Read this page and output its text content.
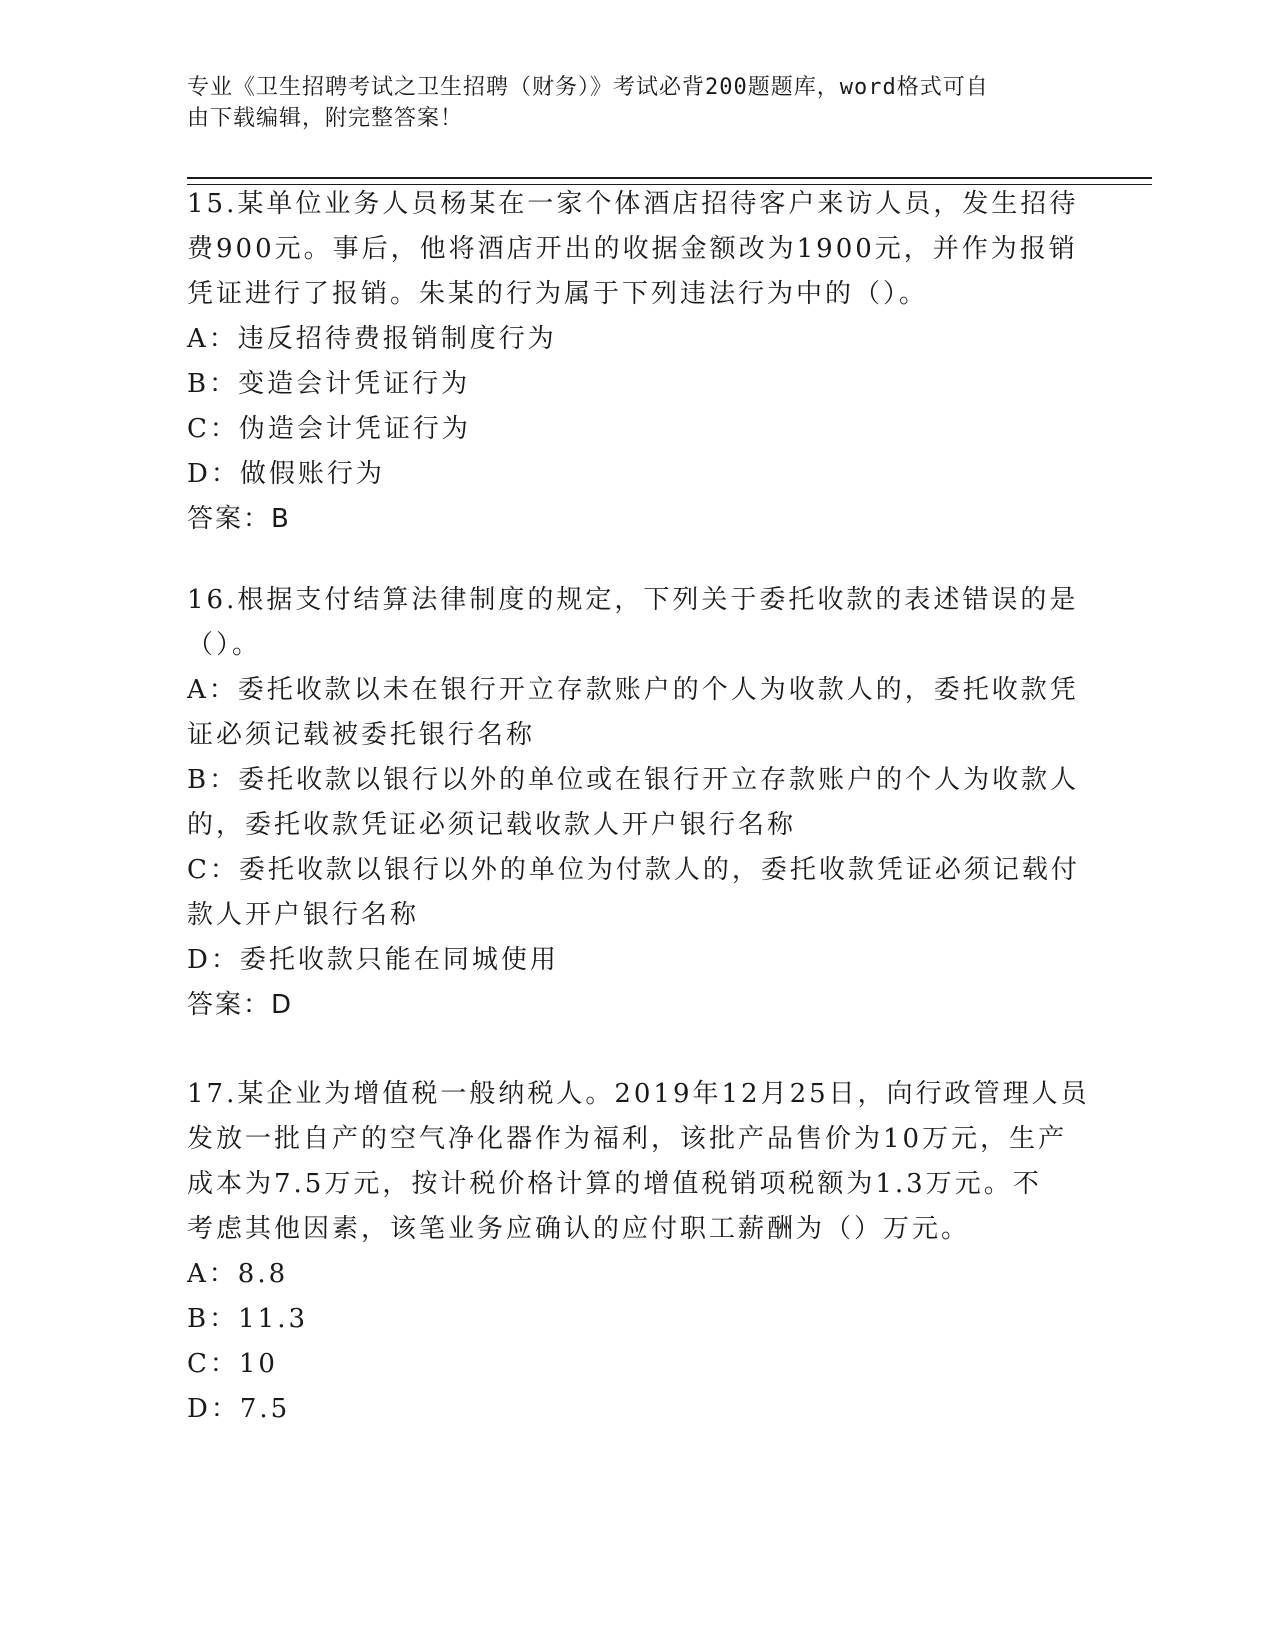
专业《卫生招聘考试之卫生招聘（财务）》考试必背200题题库，word格式可自
由下载编辑，附完整答案！
15.某单位业务人员杨某在一家个体酒店招待客户来访人员，发生招待
费900元。事后，他将酒店开出的收据金额改为1900元，并作为报销
凭证进行了报销。朱某的行为属于下列违法行为中的（）。
A：违反招待费报销制度行为
B：变造会计凭证行为
C：伪造会计凭证行为
D：做假账行为
答案：B
16.根据支付结算法律制度的规定，下列关于委托收款的表述错误的是
（）。
A：委托收款以未在银行开立存款账户的个人为收款人的，委托收款凭
证必须记载被委托银行名称
B：委托收款以银行以外的单位或在银行开立存款账户的个人为收款人
的，委托收款凭证必须记载收款人开户银行名称
C：委托收款以银行以外的单位为付款人的，委托收款凭证必须记载付
款人开户银行名称
D：委托收款只能在同城使用
答案：D
17.某企业为增值税一般纳税人。2019年12月25日，向行政管理人员
发放一批自产的空气净化器作为福利，该批产品售价为10万元，生产
成本为7.5万元，按计税价格计算的增值税销项税额为1.3万元。不
考虑其他因素，该笔业务应确认的应付职工薪酬为（）万元。
A：8.8
B：11.3
C：10
D：7.5
